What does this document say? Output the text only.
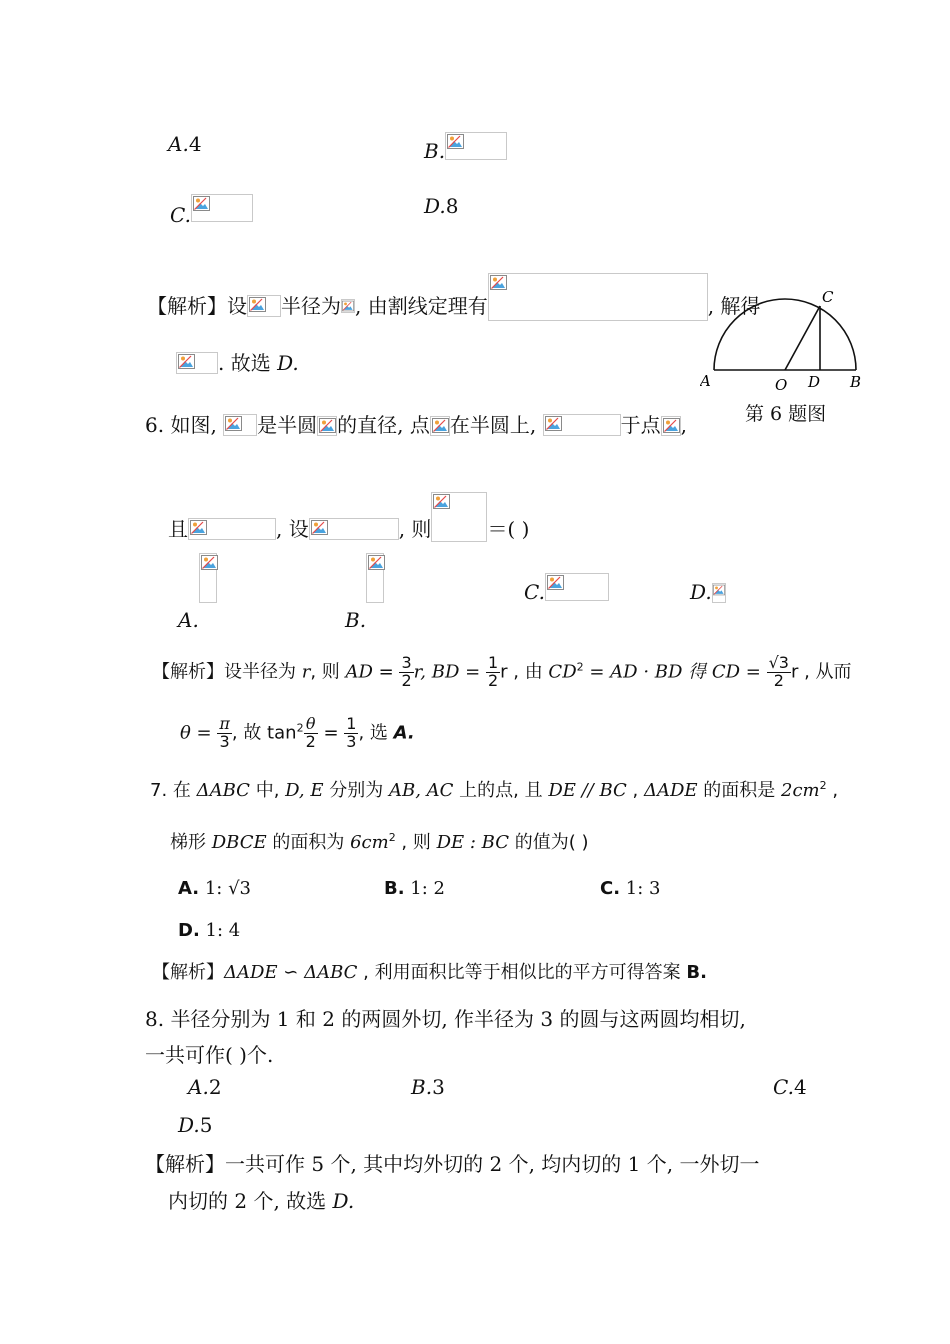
A.4	B.
C.	D.8
【解析】设 半径为 , 由割线定理有	, 解得
. 故选 D.
A	O D B
C
第 6 题图
6. 如图,
是半圆 的直径, 点 在半圆上,	于点 ,
且	, 设	, 则	＝( )
A.	B.
C.	D.
【解析】设半径为 r, 则 AD = $\frac{3}{2} r$, BD = $\frac{1}{2}$ r , 由 $CD^2$ = AD · BD 得 CD = $\frac{√3}{2}$ r , 从而
$\theta = \frac{\pi}{3}$ , 故 $\tan^2 \frac{\theta}{2} = \frac{1}{3}$ , 选 A.
7. 在 ΔABC 中, D, E 分别为 AB, AC 上的点, 且 DE // BC , ΔADE 的面积是 $2cm^2$ ,
梯形 DBCE 的面积为 $6cm^2$ , 则 DE : BC 的值为( )
A. 1: √3	B. 1: 2	C. 1: 3
D. 1: 4
【解析】ΔADE ∽ ΔABC , 利用面积比等于相似比的平方可得答案 B.
8. 半径分别为 1 和 2 的两圆外切, 作半径为 3 的圆与这两圆均相切,
一共可作( )个.
A.2	B.3	C.4
D.5
【解析】一共可作 5 个, 其中均外切的 2 个, 均内切的 1 个, 一外切一
内切的 2 个, 故选 D.
